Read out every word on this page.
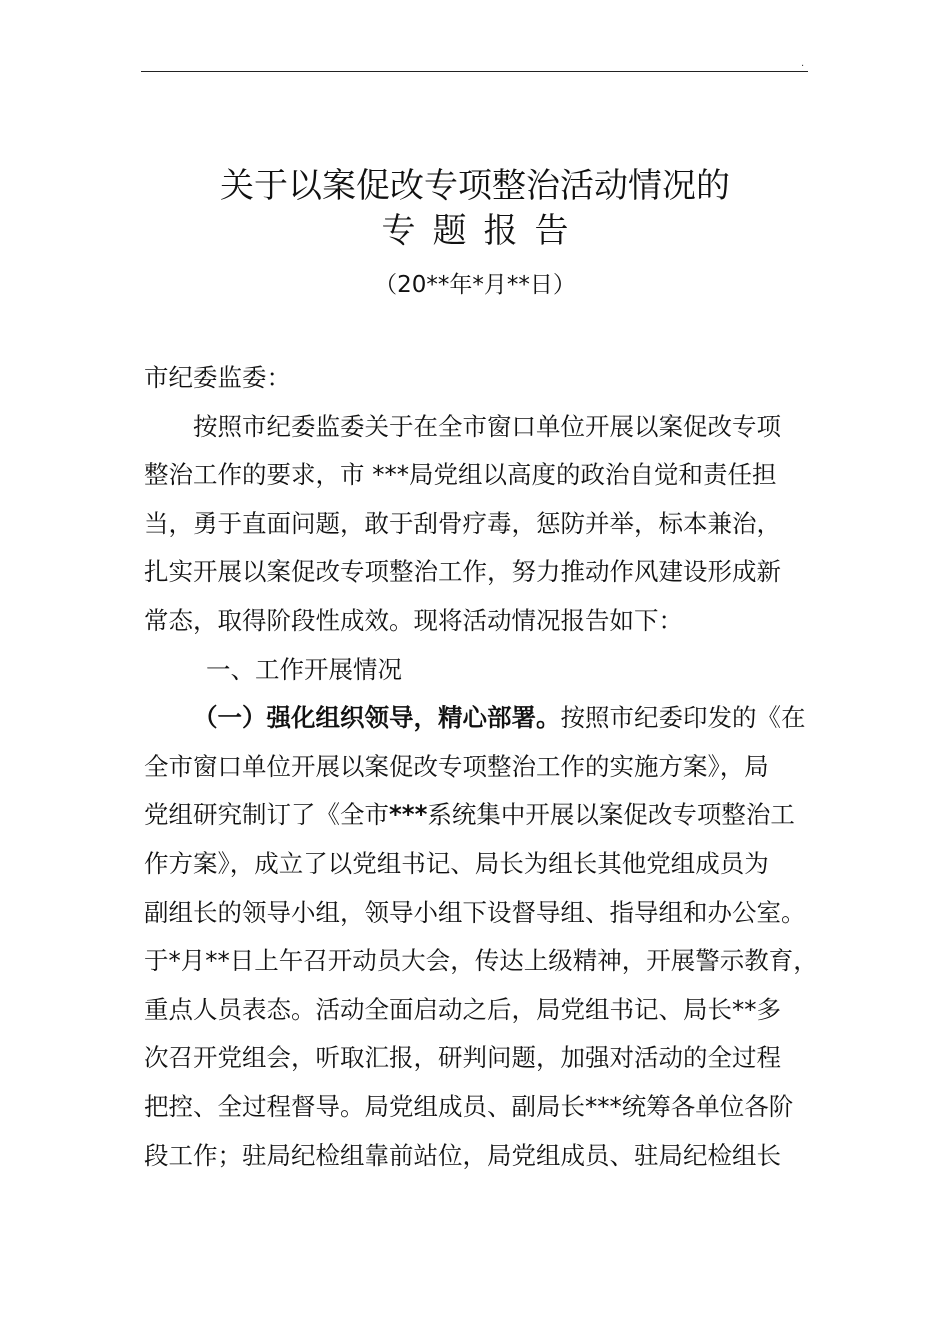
.
关于以案促改专项整治活动情况的
专题报告
（20**年*月**日）
市纪委监委：
按照市纪委监委关于在全市窗口单位开展以案促改专项
整治工作的要求，市 ***局党组以高度的政治自觉和责任担
当，勇于直面问题，敢于刮骨疗毒，惩防并举，标本兼治，
扎实开展以案促改专项整治工作，努力推动作风建设形成新
常态，取得阶段性成效。现将活动情况报告如下：
一、工作开展情况
（一）强化组织领导，精心部署。按照市纪委印发的《在
全市窗口单位开展以案促改专项整治工作的实施方案》，局
党组研究制订了《全市***系统集中开展以案促改专项整治工
作方案》，成立了以党组书记、局长为组长其他党组成员为
副组长的领导小组，领导小组下设督导组、指导组和办公室。
于*月**日上午召开动员大会，传达上级精神，开展警示教育，
重点人员表态。活动全面启动之后，局党组书记、局长**多
次召开党组会，听取汇报，研判问题，加强对活动的全过程
把控、全过程督导。局党组成员、副局长***统筹各单位各阶
段工作；驻局纪检组靠前站位，局党组成员、驻局纪检组长
